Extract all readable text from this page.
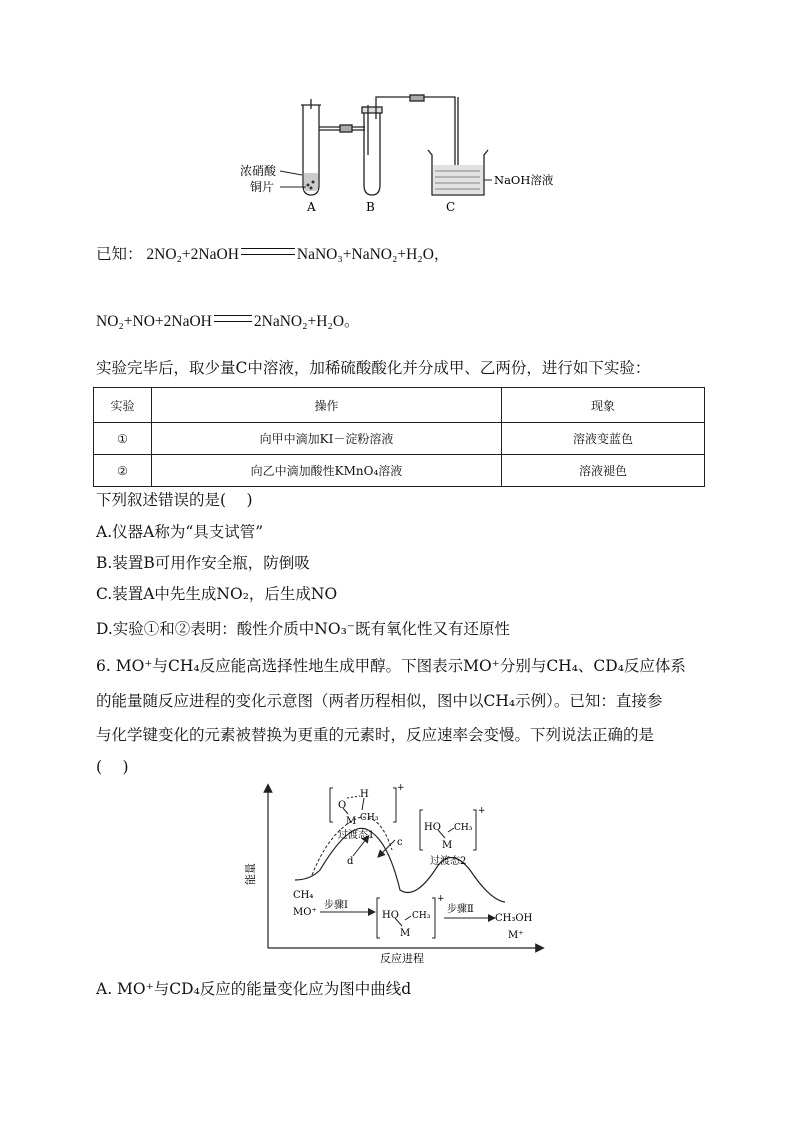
浓硝酸
铜片
A	B	C
NaOH溶液
已知： 2NO₂+2NaOH	NaNO₃+NaNO₂+H₂O，
NO₂+NO+2NaOH	2NaNO₂+H₂O。
实验完毕后，取少量C中溶液，加稀硫酸酸化并分成甲、乙两份，进行如下实验：
实验	操作	现象
①	向甲中滴加KI－淀粉溶液	溶液变蓝色
②	向乙中滴加酸性KMnO₄溶液	溶液褪色
下列叙述错误的是(　 )
A.仪器A称为“具支试管”
B.装置B可用作安全瓶，防倒吸
C.装置A中先生成NO₂，后生成NO
D.实验①和②表明：酸性介质中NO₃⁻既有氧化性又有还原性
6. MO⁺与CH₄反应能高选择性地生成甲醇。下图表示MO⁺分别与CH₄、CD₄反应体系
的能量随反应进程的变化示意图（两者历程相似，图中以CH₄示例）。已知：直接参
与化学键变化的元素被替换为更重的元素时，反应速率会变慢。下列说法正确的是
(　 )
能量
反应进程
c
d
O
H
M CH₃
+
过渡态1
HO
M
CH₃
+
过渡态2
CH₄
MO⁺
步骤Ⅰ
HO
M
CH₃
+
步骤Ⅱ
CH₃OH
M⁺
A. MO⁺与CD₄反应的能量变化应为图中曲线d
